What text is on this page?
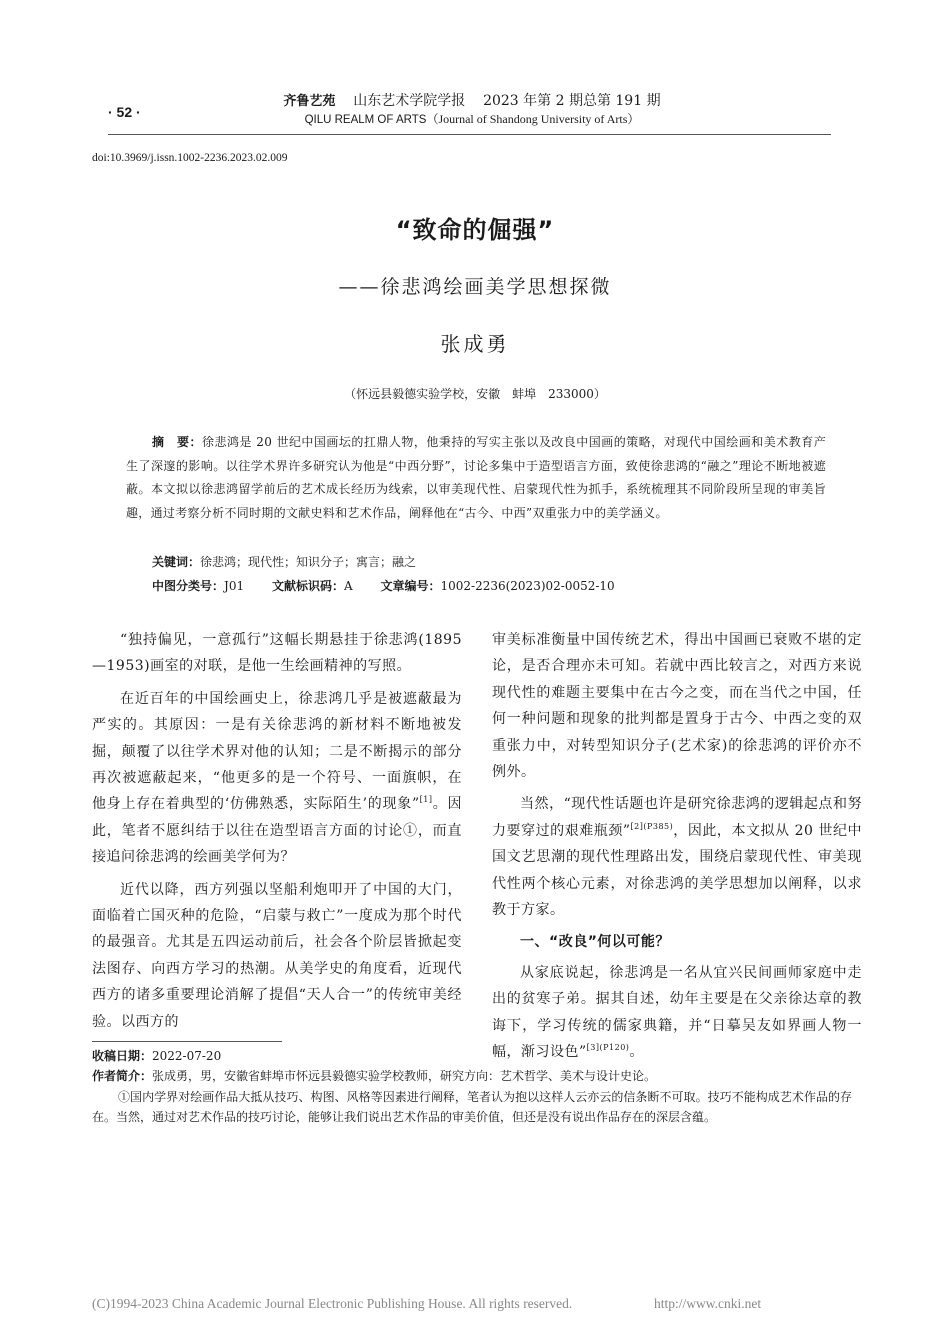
· 52 ·
齐鲁艺苑 山东艺术学院学报 2023 年第 2 期总第 191 期
QILU REALM OF ARTS（Journal of Shandong University of Arts）
doi:10.3969/j.issn.1002-2236.2023.02.009
“致命的倔强”
——徐悲鸿绘画美学思想探微
张成勇
（怀远县毅德实验学校，安徽　蚌埠　233000）
摘　要：徐悲鸿是 20 世纪中国画坛的扛鼎人物，他秉持的写实主张以及改良中国画的策略，对现代中国绘画和美术教育产生了深邃的影响。以往学术界许多研究认为他是“中西分野”，讨论多集中于造型语言方面，致使徐悲鸿的“融之”理论不断地被遮蔽。本文拟以徐悲鸿留学前后的艺术成长经历为线索，以审美现代性、启蒙现代性为抓手，系统梳理其不同阶段所呈现的审美旨趣，通过考察分析不同时期的文献史料和艺术作品，阐释他在“古今、中西”双重张力中的美学涵义。
关键词：徐悲鸿；现代性；知识分子；寓言；融之
中图分类号：J01 文献标识码：A 文章编号：1002-2236(2023)02-0052-10

“独持偏见，一意孤行”这幅长期悬挂于徐悲鸿(1895—1953)画室的对联，是他一生绘画精神的写照。

在近百年的中国绘画史上，徐悲鸿几乎是被遮蔽最为严实的。其原因：一是有关徐悲鸿的新材料不断地被发掘，颠覆了以往学术界对他的认知；二是不断揭示的部分再次被遮蔽起来，“他更多的是一个符号、一面旗帜，在他身上存在着典型的‘仿佛熟悉，实际陌生’的现象”[1]。因此，笔者不愿纠结于以往在造型语言方面的讨论①，而直接追问徐悲鸿的绘画美学何为？

近代以降，西方列强以坚船利炮叩开了中国的大门，面临着亡国灭种的危险，“启蒙与救亡”一度成为那个时代的最强音。尤其是五四运动前后，社会各个阶层皆掀起变法图存、向西方学习的热潮。从美学史的角度看，近现代西方的诸多重要理论消解了提倡“天人合一”的传统审美经验。以西方的

审美标准衡量中国传统艺术，得出中国画已衰败不堪的定论，是否合理亦未可知。若就中西比较言之，对西方来说现代性的难题主要集中在古今之变，而在当代之中国，任何一种问题和现象的批判都是置身于古今、中西之变的双重张力中，对转型知识分子(艺术家)的徐悲鸿的评价亦不例外。

当然，“现代性话题也许是研究徐悲鸿的逻辑起点和努力要穿过的艰难瓶颈”$^{[2](P385)}$，因此，本文拟从 20 世纪中国文艺思潮的现代性理路出发，围绕启蒙现代性、审美现代性两个核心元素，对徐悲鸿的美学思想加以阐释，以求教于方家。

一、“改良”何以可能？

从家底说起，徐悲鸿是一名从宜兴民间画师家庭中走出的贫寒子弟。据其自述，幼年主要是在父亲徐达章的教诲下，学习传统的儒家典籍，并“日摹吴友如界画人物一幅，渐习设色”$^{[3](P120)}$。

收稿日期：2022-07-20

作者简介：张成勇，男，安徽省蚌埠市怀远县毅德实验学校教师，研究方向：艺术哲学、美术与设计史论。

①国内学界对绘画作品大抵从技巧、构图、风格等因素进行阐释，笔者认为抱以这样人云亦云的信条断不可取。技巧不能构成艺术作品的存在。当然，通过对艺术作品的技巧讨论，能够让我们说出艺术作品的审美价值，但还是没有说出作品存在的深层含蕴。

(C)1994-2023 China Academic Journal Electronic Publishing House. All rights reserved.	http://www.cnki.net
